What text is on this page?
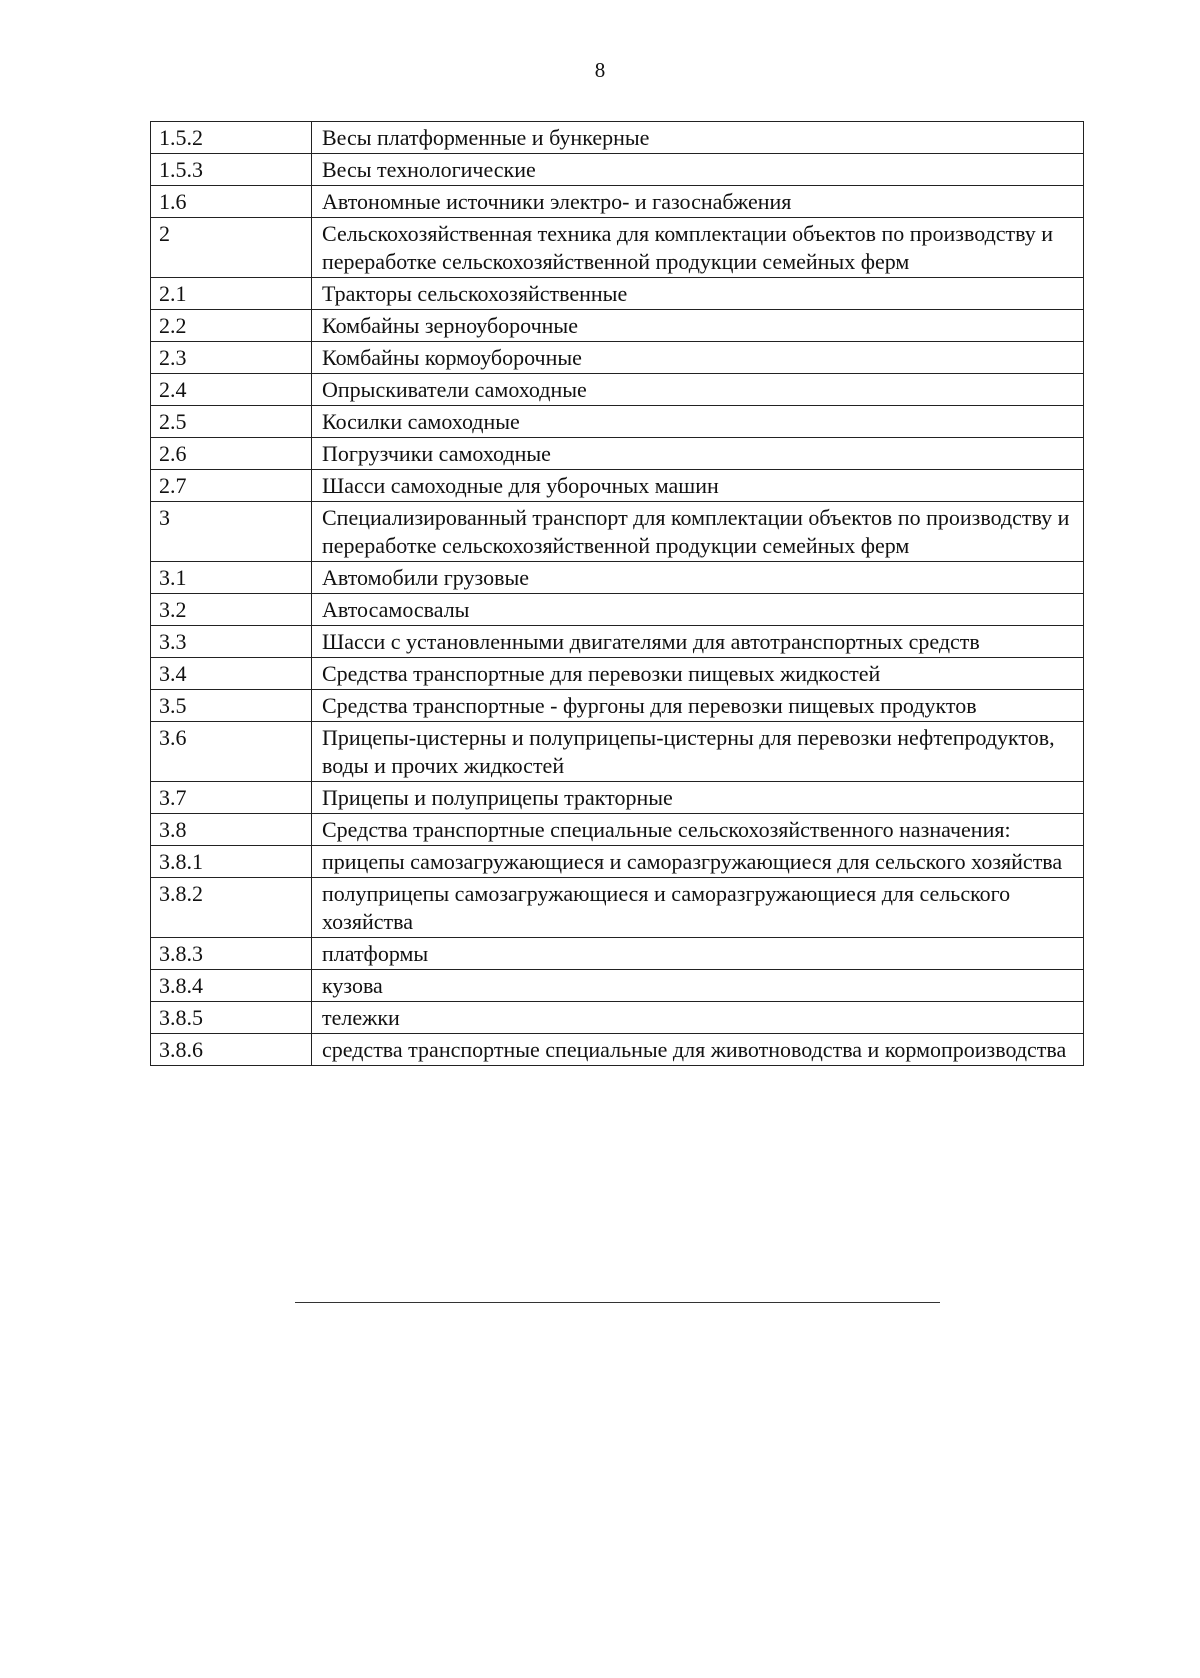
8
1.5.2	Весы платформенные и бункерные
1.5.3	Весы технологические
1.6	Автономные источники электро- и газоснабжения
2	Сельскохозяйственная техника для комплектации объектов по производству и переработке сельскохозяйственной продукции семейных ферм
2.1	Тракторы сельскохозяйственные
2.2	Комбайны зерноуборочные
2.3	Комбайны кормоуборочные
2.4	Опрыскиватели самоходные
2.5	Косилки самоходные
2.6	Погрузчики самоходные
2.7	Шасси самоходные для уборочных машин
3	Специализированный транспорт для комплектации объектов по производству и переработке сельскохозяйственной продукции семейных ферм
3.1	Автомобили грузовые
3.2	Автосамосвалы
3.3	Шасси с установленными двигателями для автотранспортных средств
3.4	Средства транспортные для перевозки пищевых жидкостей
3.5	Средства транспортные - фургоны для перевозки пищевых продуктов
3.6	Прицепы-цистерны и полуприцепы-цистерны для перевозки нефтепродуктов, воды и прочих жидкостей
3.7	Прицепы и полуприцепы тракторные
3.8	Средства транспортные специальные сельскохозяйственного назначения:
3.8.1	прицепы самозагружающиеся и саморазгружающиеся для сельского хозяйства
3.8.2	полуприцепы самозагружающиеся и саморазгружающиеся для сельского хозяйства
3.8.3	платформы
3.8.4	кузова
3.8.5	тележки
3.8.6	средства транспортные специальные для животноводства и кормопроизводства
